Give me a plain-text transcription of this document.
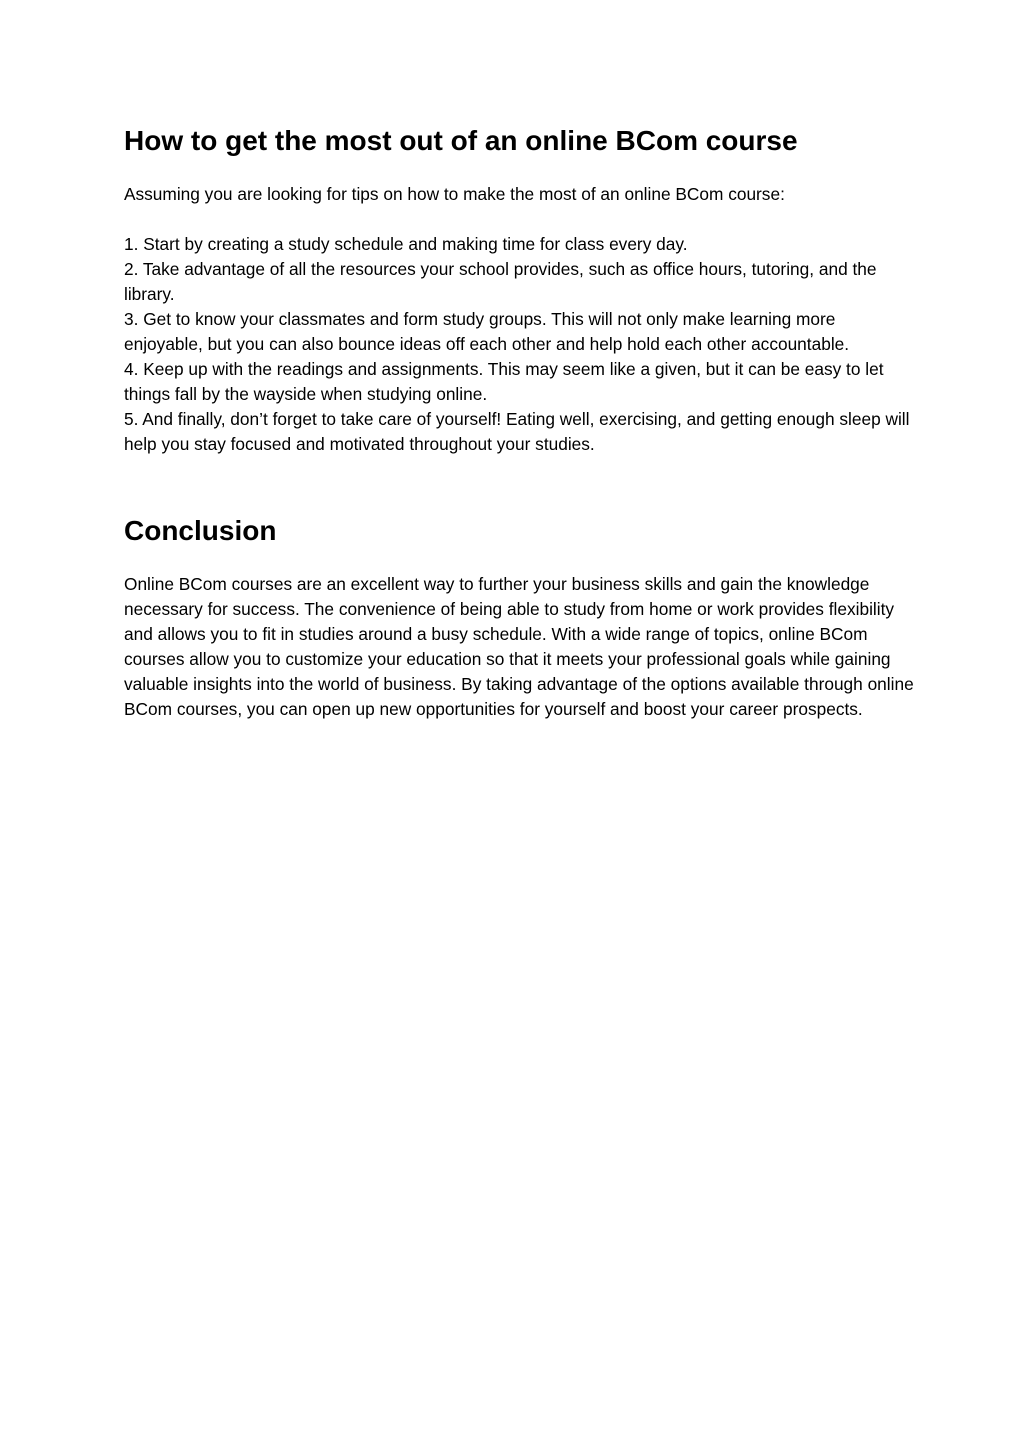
How to get the most out of an online BCom course

Assuming you are looking for tips on how to make the most of an online BCom course:

1. Start by creating a study schedule and making time for class every day.
2. Take advantage of all the resources your school provides, such as office hours, tutoring, and the library.
3. Get to know your classmates and form study groups. This will not only make learning more enjoyable, but you can also bounce ideas off each other and help hold each other accountable.
4. Keep up with the readings and assignments. This may seem like a given, but it can be easy to let things fall by the wayside when studying online.
5. And finally, don’t forget to take care of yourself! Eating well, exercising, and getting enough sleep will help you stay focused and motivated throughout your studies.
Conclusion

Online BCom courses are an excellent way to further your business skills and gain the knowledge necessary for success. The convenience of being able to study from home or work provides flexibility and allows you to fit in studies around a busy schedule. With a wide range of topics, online BCom courses allow you to customize your education so that it meets your professional goals while gaining valuable insights into the world of business. By taking advantage of the options available through online BCom courses, you can open up new opportunities for yourself and boost your career prospects.
